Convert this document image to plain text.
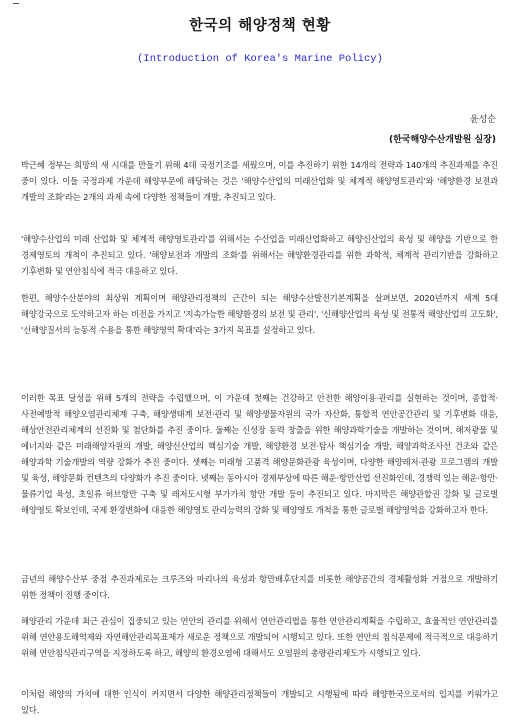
한국의 해양정책 현황
(Introduction of Korea's Marine Policy)
윤성순
(한국해양수산개발원 실장)

박근혜 정부는 희망의 새 시대를 만들기 위해 4대 국정기조를 세웠으며, 이를 추진하기 위한 14개의 전략과 140개의 추진과제를 추진 중이 있다. 이들 국정과제 가운데 해양부문에 해당하는 것은 '해양수산업의 미래산업화 및 체계적 해양영토관리'와 '해양환경 보전과 개발의 조화'라는 2개의 과제 속에 다양한 정책들이 개발, 추진되고 있다.

'해양수산업의 미래 산업화 및 체계적 해양영토관리'를 위해서는 수산업을 미래산업화하고 해양신산업의 육성 및 해양을 기반으로 한 경제영토의 개척이 추진되고 있다. '해양보전과 개발의 조화'를 위해서는 해양환경관리를 위한 과학적, 체계적 관리기반을 강화하고 기후변화 및 연안침식에 적극 대응하고 있다.

한편, 해양수산분야의 최상위 계획이며 해양관리정책의 근간이 되는 해양수산발전기본계획을 살펴보면, 2020년까지 세계 5대 해양강국으로 도약하고자 하는 비전을 가지고 '지속가능한 해양환경의 보전 및 관리', '신해양산업의 육성 및 전통적 해양산업의 고도화', '신해양질서의 능동적 수용을 통한 해양영역 확대'라는 3가지 목표를 설정하고 있다.

이러한 목표 달성을 위해 5개의 전략을 수립했으며, 이 가운데 첫째는 건강하고 안전한 해양이용·관리를 실현하는 것이며, 종합적·사전예방적 해양오염관리체계 구축, 해양생태계 보전·관리 및 해양생물자원의 국가 자산화, 통합적 연안공간관리 및 기후변화 대응, 해상안전관리체계의 선진화 및 첨단화를 추진 중이다. 둘째는 신성장 동력 창출을 위한 해양과학기술을 개발하는 것이며, 해저광물 및 에너지와 같은 미래해양자원의 개발, 해양신산업의 핵심기술 개발, 해양환경 보전·탐사 핵심기술 개발, 해양과학조사선 건조와 같은 해양과학 기술개발의 역량 강화가 추진 중이다. 셋째는 미래형 고품격 해양문화관광 육성이며, 다양한 해양레저·관광 프로그램의 개발 및 육성, 해양문화 컨텐츠의 다양화가 추진 중이다. 넷째는 동아시아 경제부상에 따른 해운·항만산업 선진화인데, 경쟁력 있는 해운·항만·물류기업 육성, 초일류 허브항만 구축 및 레저도시형 부가가치 항만 개발 등이 추진되고 있다. 마지막은 해양관할권 강화 및 글로벌 해양영토 확보인데, 국제 환경변화에 대응한 해양영토 관리능력의 강화 및 해양영토 개척을 통한 글로벌 해양영역을 강화하고자 한다.

금년의 해양수산부 중점 추진과제로는 크루즈와 마리나의 육성과 항만배후단지를 비롯한 해양공간의 경제활성화 거점으로 개발하기 위한 정책이 진행 중이다.

해양관리 가운데 최근 관심이 집중되고 있는 연안의 관리를 위해서 연안관리법을 통한 연안관리계획을 수립하고, 효율적인 연안관리를 위해 연안용도해역제와 자연해안관리목표제가 새로운 정책으로 개발되어 시행되고 있다. 또한 연안의 침식문제에 적극적으로 대응하기 위해 연안침식관리구역을 지정하도록 하고, 해양의 환경오염에 대해서도 오염원의 총량관리제도가 시행되고 있다.

이처럼 해양의 가치에 대한 인식이 커지면서 다양한 해양관리정책들이 개발되고 시행됨에 따라 해양한국으로서의 입지를 키워가고 있다.
